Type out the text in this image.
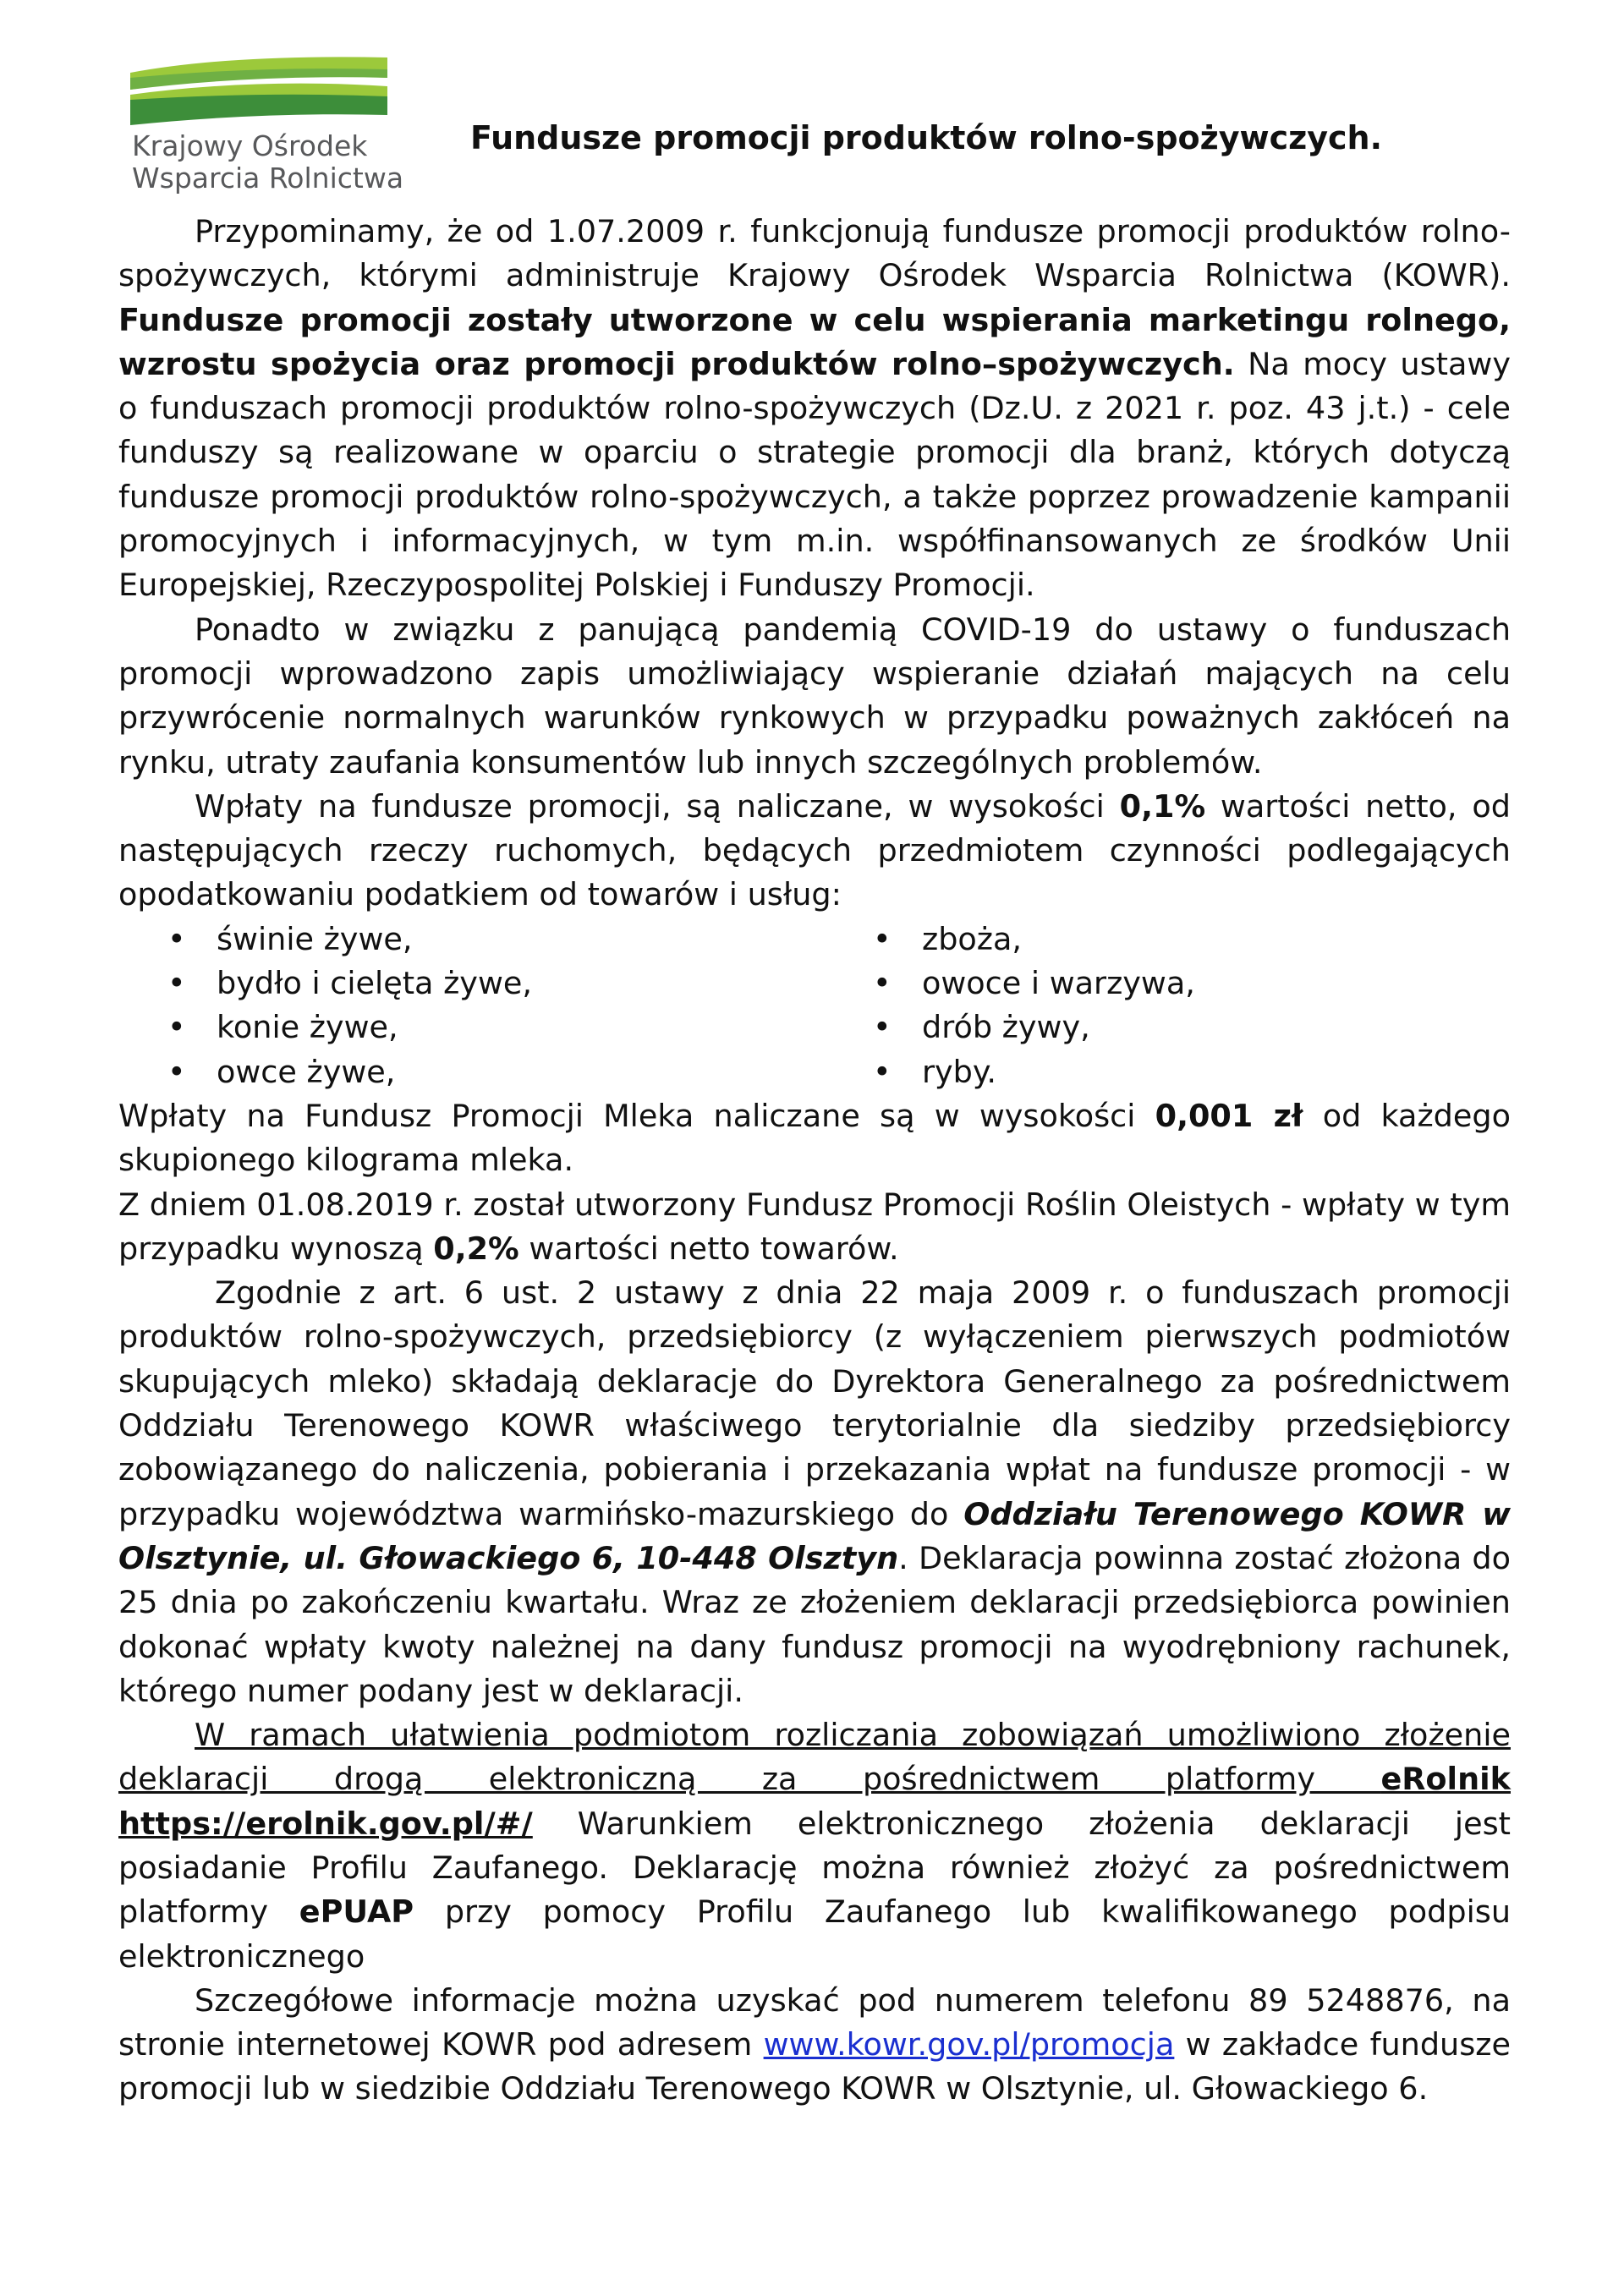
Krajowy Ośrodek
Wsparcia Rolnictwa
Fundusze promocji produktów rolno-spożywczych.

Przypominamy, że od 1.07.2009 r. funkcjonują fundusze promocji produktów rolno-spożywczych, którymi administruje Krajowy Ośrodek Wsparcia Rolnictwa (KOWR). Fundusze promocji zostały utworzone w celu wspierania marketingu rolnego, wzrostu spożycia oraz promocji produktów rolno–spożywczych. Na mocy ustawy o funduszach promocji produktów rolno-spożywczych (Dz.U. z 2021 r. poz. 43 j.t.) - cele funduszy są realizowane w oparciu o strategie promocji dla branż, których dotyczą fundusze promocji produktów rolno-spożywczych, a także poprzez prowadzenie kampanii promocyjnych i informacyjnych, w tym m.in. współfinansowanych ze środków Unii Europejskiej, Rzeczypospolitej Polskiej i Funduszy Promocji.

Ponadto w związku z panującą pandemią COVID-19 do ustawy o funduszach promocji wprowadzono zapis umożliwiający wspieranie działań mających na celu przywrócenie normalnych warunków rynkowych w przypadku poważnych zakłóceń na rynku, utraty zaufania konsumentów lub innych szczególnych problemów.

Wpłaty na fundusze promocji, są naliczane, w wysokości 0,1% wartości netto, od następujących rzeczy ruchomych, będących przedmiotem czynności podlegających opodatkowaniu podatkiem od towarów i usług:

• świnie żywe,
• bydło i cielęta żywe,
• konie żywe,
• owce żywe,
• zboża,
• owoce i warzywa,
• drób żywy,
• ryby.

Wpłaty na Fundusz Promocji Mleka naliczane są w wysokości 0,001 zł od każdego skupionego kilograma mleka.

Z dniem 01.08.2019 r. został utworzony Fundusz Promocji Roślin Oleistych - wpłaty w tym przypadku wynoszą 0,2% wartości netto towarów.

Zgodnie z art. 6 ust. 2 ustawy z dnia 22 maja 2009 r. o funduszach promocji produktów rolno-spożywczych, przedsiębiorcy (z wyłączeniem pierwszych podmiotów skupujących mleko) składają deklaracje do Dyrektora Generalnego za pośrednictwem Oddziału Terenowego KOWR właściwego terytorialnie dla siedziby przedsiębiorcy zobowiązanego do naliczenia, pobierania i przekazania wpłat na fundusze promocji - w przypadku województwa warmińsko-mazurskiego do Oddziału Terenowego KOWR w Olsztynie, ul. Głowackiego 6, 10-448 Olsztyn. Deklaracja powinna zostać złożona do 25 dnia po zakończeniu kwartału. Wraz ze złożeniem deklaracji przedsiębiorca powinien dokonać wpłaty kwoty należnej na dany fundusz promocji na wyodrębniony rachunek, którego numer podany jest w deklaracji.

W ramach ułatwienia podmiotom rozliczania zobowiązań umożliwiono złożenie deklaracji drogą elektroniczną za pośrednictwem platformy eRolnik https://erolnik.gov.pl/#/ Warunkiem elektronicznego złożenia deklaracji jest posiadanie Profilu Zaufanego. Deklarację można również złożyć za pośrednictwem platformy ePUAP przy pomocy Profilu Zaufanego lub kwalifikowanego podpisu elektronicznego

Szczegółowe informacje można uzyskać pod numerem telefonu 89 5248876, na stronie internetowej KOWR pod adresem www.kowr.gov.pl/promocja w zakładce fundusze promocji lub w siedzibie Oddziału Terenowego KOWR w Olsztynie, ul. Głowackiego 6.
